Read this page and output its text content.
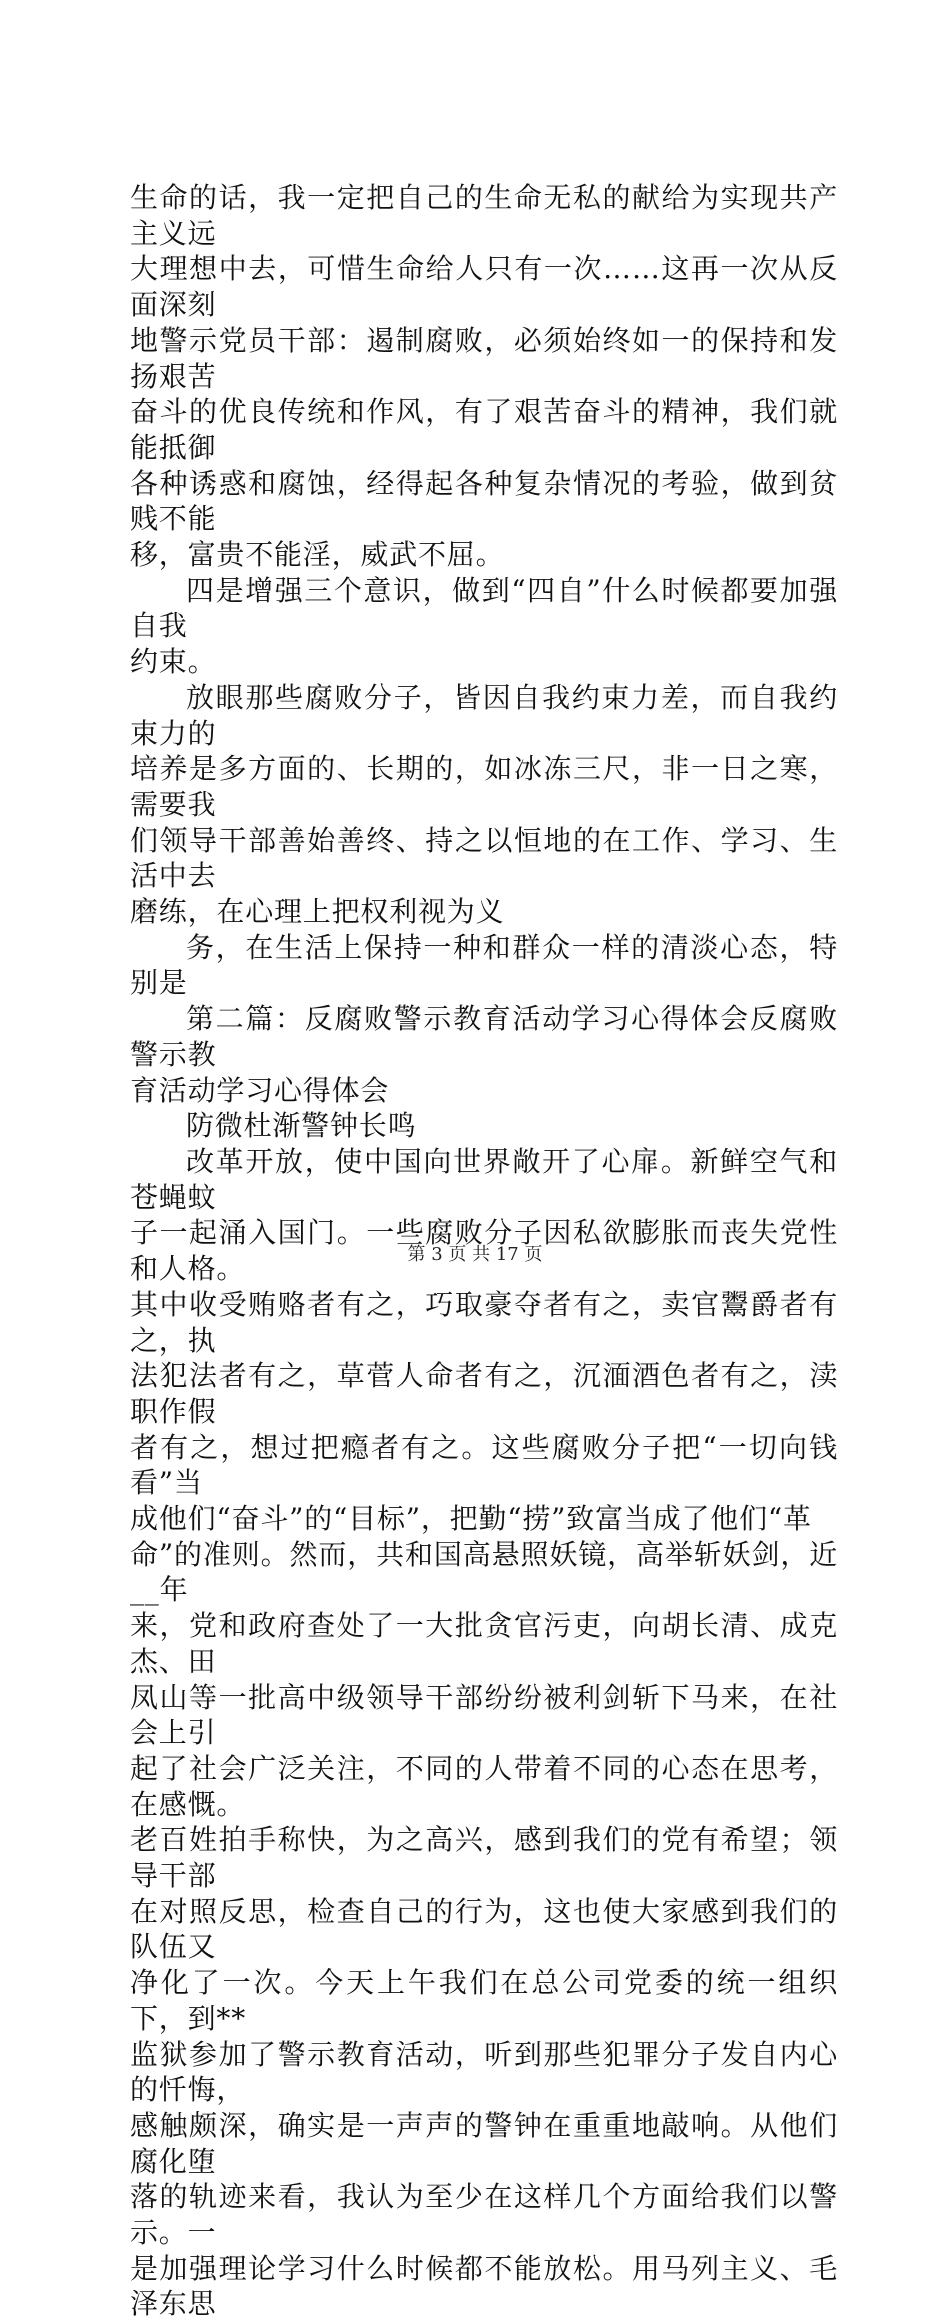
生命的话，我一定把自己的生命无私的献给为实现共产主义远
大理想中去，可惜生命给人只有一次……这再一次从反面深刻
地警示党员干部：遏制腐败，必须始终如一的保持和发扬艰苦
奋斗的优良传统和作风，有了艰苦奋斗的精神，我们就能抵御
各种诱惑和腐蚀，经得起各种复杂情况的考验，做到贫贱不能
移，富贵不能淫，威武不屈。

四是增强三个意识，做到“四自”什么时候都要加强自我
约束。

放眼那些腐败分子，皆因自我约束力差，而自我约束力的
培养是多方面的、长期的，如冰冻三尺，非一日之寒，需要我
们领导干部善始善终、持之以恒地的在工作、学习、生活中去
磨练，在心理上把权利视为义

务，在生活上保持一种和群众一样的清淡心态，特别是

第二篇：反腐败警示教育活动学习心得体会反腐败警示教
育活动学习心得体会

防微杜渐警钟长鸣

改革开放，使中国向世界敞开了心扉。新鲜空气和苍蝇蚊
子一起涌入国门。一些腐败分子因私欲膨胀而丧失党性和人格。
其中收受贿赂者有之，巧取豪夺者有之，卖官鬻爵者有之，执
法犯法者有之，草菅人命者有之，沉湎酒色者有之，渎职作假
者有之，想过把瘾者有之。这些腐败分子把“一切向钱看”当
成他们“奋斗”的“目标”，把勤“捞”致富当成了他们“革
命”的准则。然而，共和国高悬照妖镜，高举斩妖剑，近__年
来，党和政府查处了一大批贪官污吏，向胡长清、成克杰、田
凤山等一批高中级领导干部纷纷被利剑斩下马来，在社会上引
起了社会广泛关注，不同的人带着不同的心态在思考，在感慨。
老百姓拍手称快，为之高兴，感到我们的党有希望；领导干部
在对照反思，检查自己的行为，这也使大家感到我们的队伍又
净化了一次。今天上午我们在总公司党委的统一组织下，到**
监狱参加了警示教育活动，听到那些犯罪分子发自内心的忏悔，
感触颇深，确实是一声声的警钟在重重地敲响。从他们腐化堕
落的轨迹来看，我认为至少在这样几个方面给我们以警示。一
是加强理论学习什么时候都不能放松。用马列主义、毛泽东思

第 3 页 共 17 页
